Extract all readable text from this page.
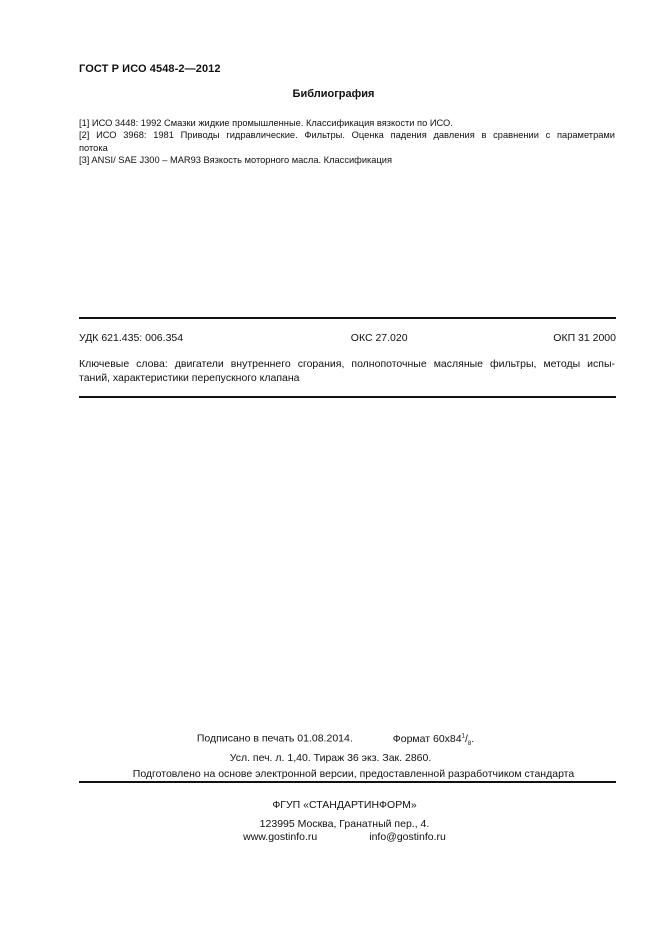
ГОСТ Р ИСО 4548-2—2012
Библиография
[1] ИСО 3448: 1992 Смазки жидкие промышленные. Классификация вязкости по ИСО.
[2] ИСО 3968: 1981 Приводы гидравлические. Фильтры. Оценка падения давления в сравнении с параметрами
потока
[3] ANSI/ SAE J300 – MAR93 Вязкость моторного масла. Классификация
УДК 621.435: 006.354	ОКС 27.020	ОКП 31 2000
Ключевые слова: двигатели внутреннего сгорания, полнопоточные масляные фильтры, методы испы-
таний, характеристики перепускного клапана
Подписано в печать 01.08.2014.	Формат $60x84^1/_8$.
Усл. печ. л. 1,40. Тираж 36 экз. Зак. 2860.
Подготовлено на основе электронной версии, предоставленной разработчиком стандарта
ФГУП «СТАНДАРТИНФОРМ»
123995 Москва, Гранатный пер., 4.
www.gostinfo.ru	info@gostinfo.ru
